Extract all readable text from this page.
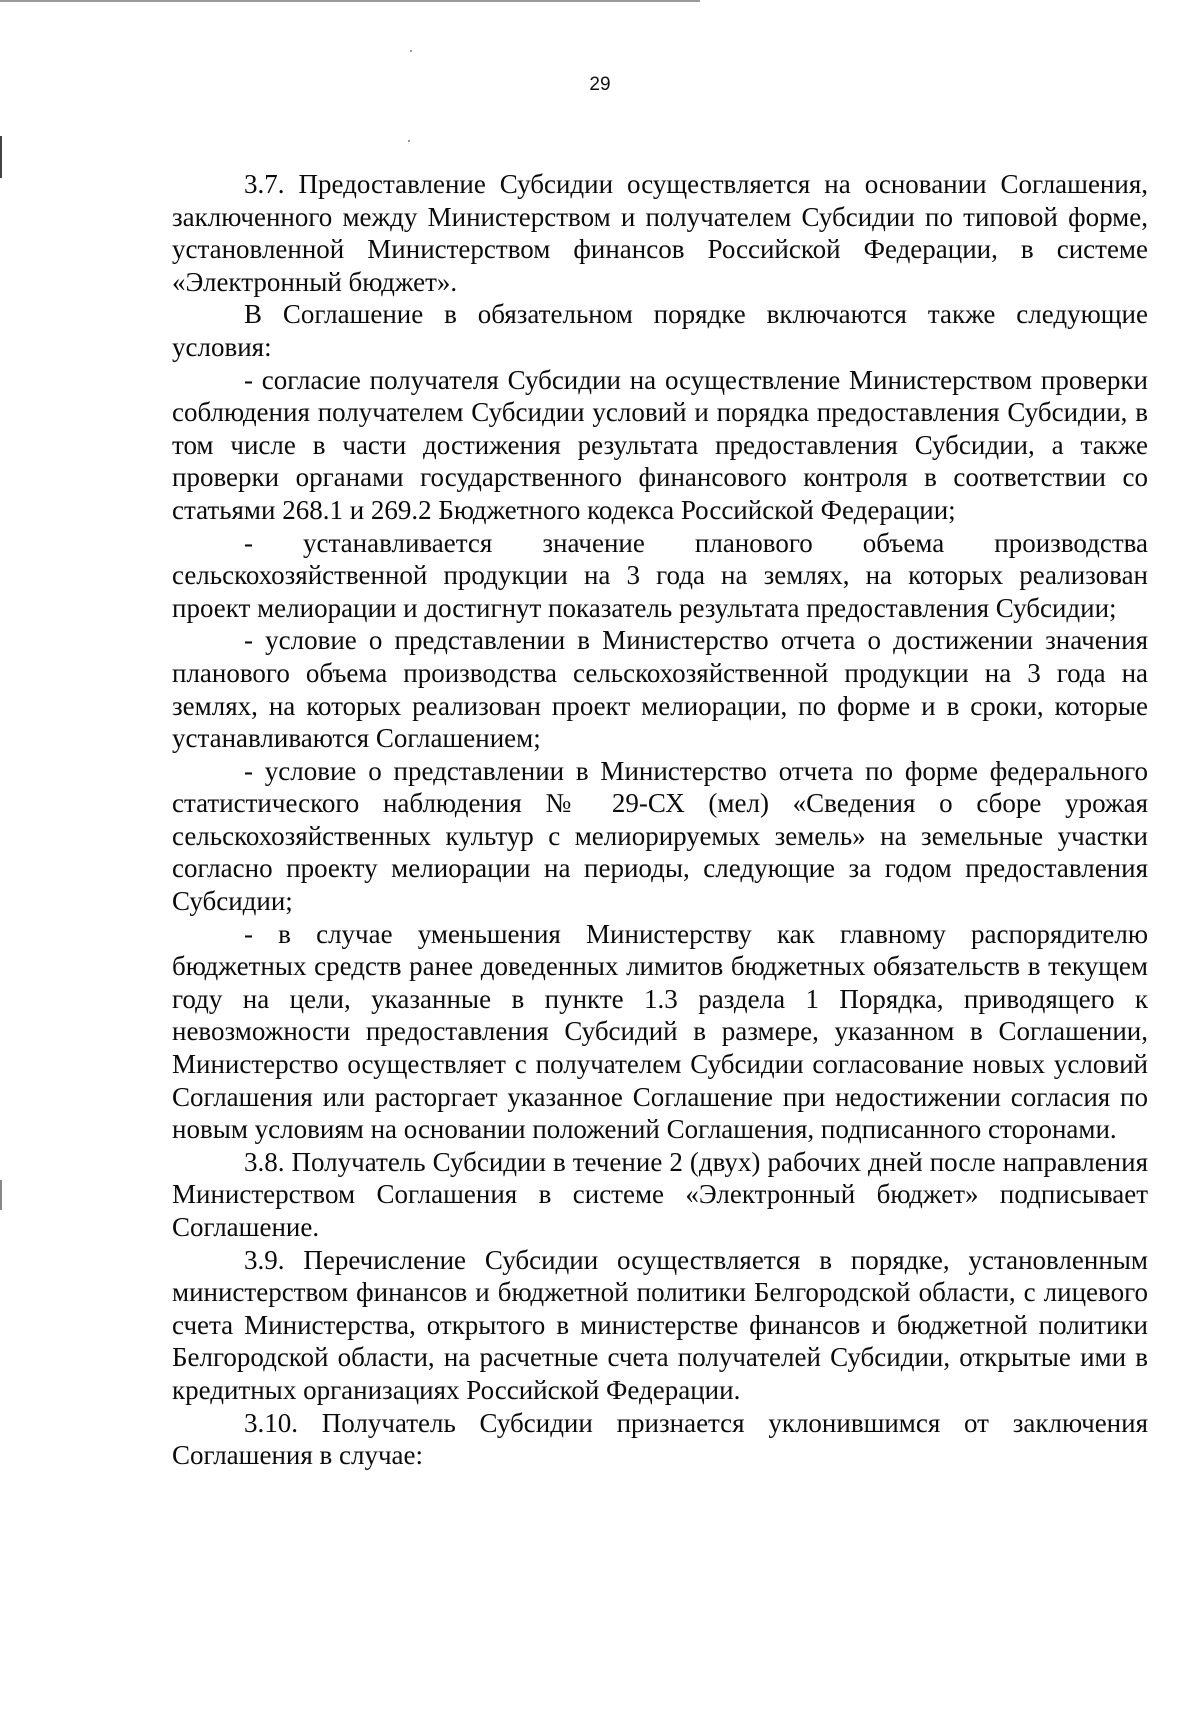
29

3.7. Предоставление Субсидии осуществляется на основании Соглашения, заключенного между Министерством и получателем Субсидии по типовой форме, установленной Министерством финансов Российской Федерации, в системе «Электронный бюджет».

В Соглашение в обязательном порядке включаются также следующие условия:

- согласие получателя Субсидии на осуществление Министерством проверки соблюдения получателем Субсидии условий и порядка предоставления Субсидии, в том числе в части достижения результата предоставления Субсидии, а также проверки органами государственного финансового контроля в соответствии со статьями 268.1 и 269.2 Бюджетного кодекса Российской Федерации;

- устанавливается значение планового объема производства сельскохозяйственной продукции на 3 года на землях, на которых реализован проект мелиорации и достигнут показатель результата предоставления Субсидии;

- условие о представлении в Министерство отчета о достижении значения планового объема производства сельскохозяйственной продукции на 3 года на землях, на которых реализован проект мелиорации, по форме и в сроки, которые устанавливаются Соглашением;

- условие о представлении в Министерство отчета по форме федерального статистического наблюдения № 29-СХ (мел) «Сведения о сборе урожая сельскохозяйственных культур с мелиорируемых земель» на земельные участки согласно проекту мелиорации на периоды, следующие за годом предоставления Субсидии;

- в случае уменьшения Министерству как главному распорядителю бюджетных средств ранее доведенных лимитов бюджетных обязательств в текущем году на цели, указанные в пункте 1.3 раздела 1 Порядка, приводящего к невозможности предоставления Субсидий в размере, указанном в Соглашении, Министерство осуществляет с получателем Субсидии согласование новых условий Соглашения или расторгает указанное Соглашение при недостижении согласия по новым условиям на основании положений Соглашения, подписанного сторонами.

3.8. Получатель Субсидии в течение 2 (двух) рабочих дней после направления Министерством Соглашения в системе «Электронный бюджет» подписывает Соглашение.

3.9. Перечисление Субсидии осуществляется в порядке, установленным министерством финансов и бюджетной политики Белгородской области, с лицевого счета Министерства, открытого в министерстве финансов и бюджетной политики Белгородской области, на расчетные счета получателей Субсидии, открытые ими в кредитных организациях Российской Федерации.

3.10. Получатель Субсидии признается уклонившимся от заключения Соглашения в случае:
